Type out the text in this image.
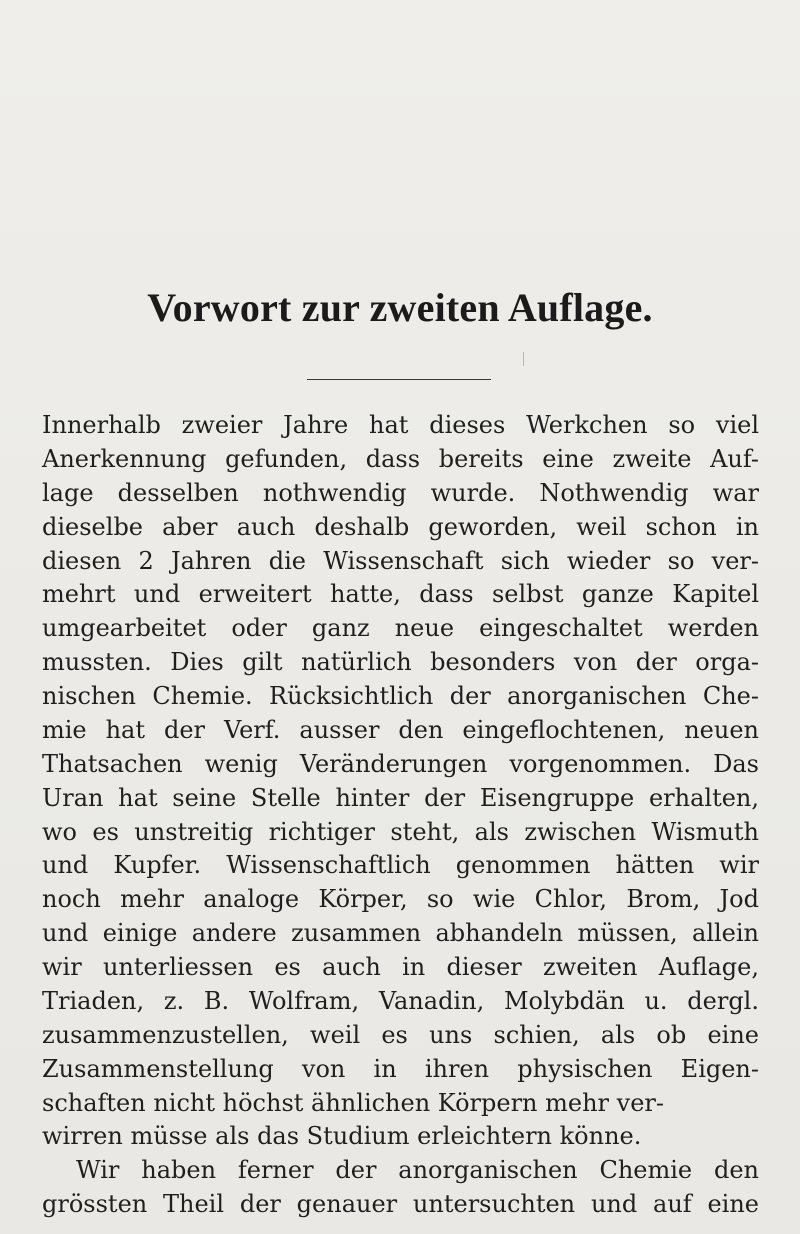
Vorwort zur zweiten Auflage.
Innerhalb zweier Jahre hat dieses Werkchen so viel
Anerkennung gefunden, dass bereits eine zweite Auf-
lage desselben nothwendig wurde. Nothwendig war
dieselbe aber auch deshalb geworden, weil schon in
diesen 2 Jahren die Wissenschaft sich wieder so ver-
mehrt und erweitert hatte, dass selbst ganze Kapitel
umgearbeitet oder ganz neue eingeschaltet werden
mussten. Dies gilt natürlich besonders von der orga-
nischen Chemie. Rücksichtlich der anorganischen Che-
mie hat der Verf. ausser den eingeflochtenen, neuen
Thatsachen wenig Veränderungen vorgenommen. Das
Uran hat seine Stelle hinter der Eisengruppe erhalten,
wo es unstreitig richtiger steht, als zwischen Wismuth
und Kupfer. Wissenschaftlich genommen hätten wir
noch mehr analoge Körper, so wie Chlor, Brom, Jod
und einige andere zusammen abhandeln müssen, allein
wir unterliessen es auch in dieser zweiten Auflage,
Triaden, z. B. Wolfram, Vanadin, Molybdän u. dergl.
zusammenzustellen, weil es uns schien, als ob eine
Zusammenstellung von in ihren physischen Eigen-
schaften nicht höchst ähnlichen Körpern mehr ver-
wirren müsse als das Studium erleichtern könne.
Wir haben ferner der anorganischen Chemie den
grössten Theil der genauer untersuchten und auf eine
